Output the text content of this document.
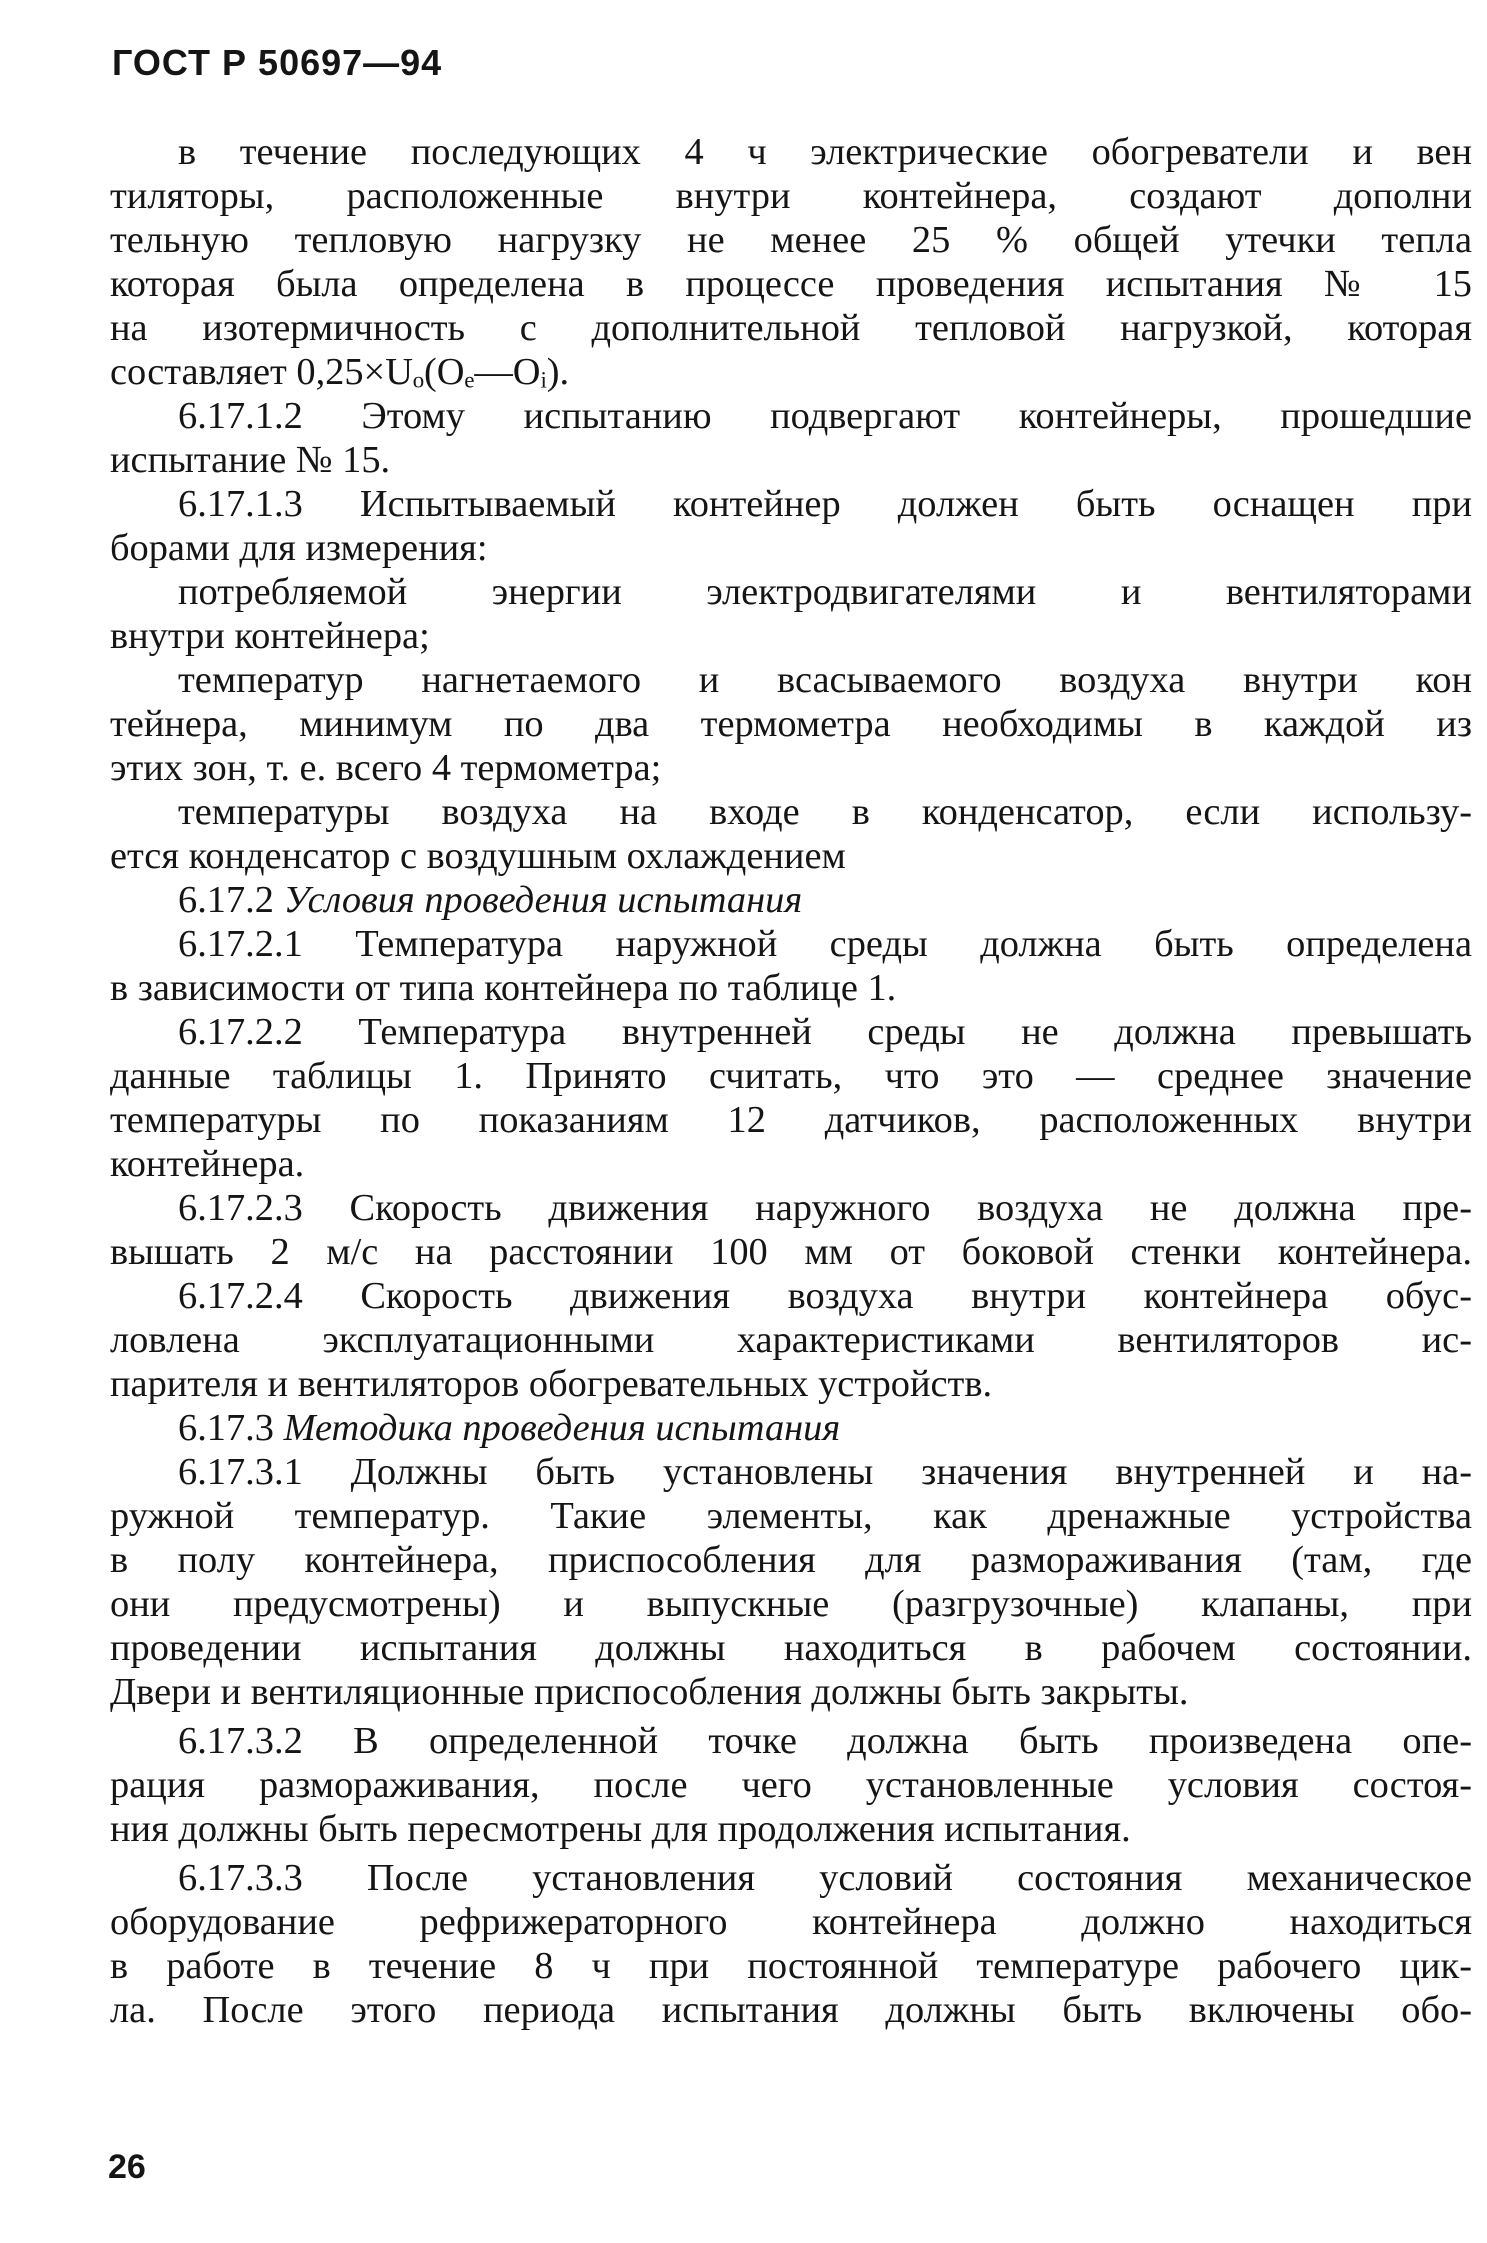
ГОСТ Р 50697—94
в течение последующих 4 ч электрические обогреватели и вен
тиляторы, расположенные внутри контейнера, создают дополни
тельную тепловую нагрузку не менее 25 % общей утечки тепла
которая была определена в процессе проведения испытания № 15
на изотермичность с дополнительной тепловой нагрузкой, которая
составляет 0,25×Uₒ(Oₑ—Oᵢ).
6.17.1.2 Этому испытанию подвергают контейнеры, прошедшие
испытание № 15.
6.17.1.3 Испытываемый контейнер должен быть оснащен при
борами для измерения:
потребляемой энергии электродвигателями и вентиляторами
внутри контейнера;
температур нагнетаемого и всасываемого воздуха внутри кон
тейнера, минимум по два термометра необходимы в каждой из
этих зон, т. е. всего 4 термометра;
температуры воздуха на входе в конденсатор, если использу-
ется конденсатор с воздушным охлаждением
6.17.2 Условия проведения испытания
6.17.2.1 Температура наружной среды должна быть определена
в зависимости от типа контейнера по таблице 1.
6.17.2.2 Температура внутренней среды не должна превышать
данные таблицы 1. Принято считать, что это — среднее значение
температуры по показаниям 12 датчиков, расположенных внутри
контейнера.
6.17.2.3 Скорость движения наружного воздуха не должна пре-
вышать 2 м/с на расстоянии 100 мм от боковой стенки контейнера.
6.17.2.4 Скорость движения воздуха внутри контейнера обус-
ловлена эксплуатационными характеристиками вентиляторов ис-
парителя и вентиляторов обогревательных устройств.
6.17.3 Методика проведения испытания
6.17.3.1 Должны быть установлены значения внутренней и на-
ружной температур. Такие элементы, как дренажные устройства
в полу контейнера, приспособления для размораживания (там, где
они предусмотрены) и выпускные (разгрузочные) клапаны, при
проведении испытания должны находиться в рабочем состоянии.
Двери и вентиляционные приспособления должны быть закрыты.
6.17.3.2 В определенной точке должна быть произведена опе-
рация размораживания, после чего установленные условия состоя-
ния должны быть пересмотрены для продолжения испытания.
6.17.3.3 После установления условий состояния механическое
оборудование рефрижераторного контейнера должно находиться
в работе в течение 8 ч при постоянной температуре рабочего цик-
ла. После этого периода испытания должны быть включены обо-
26
